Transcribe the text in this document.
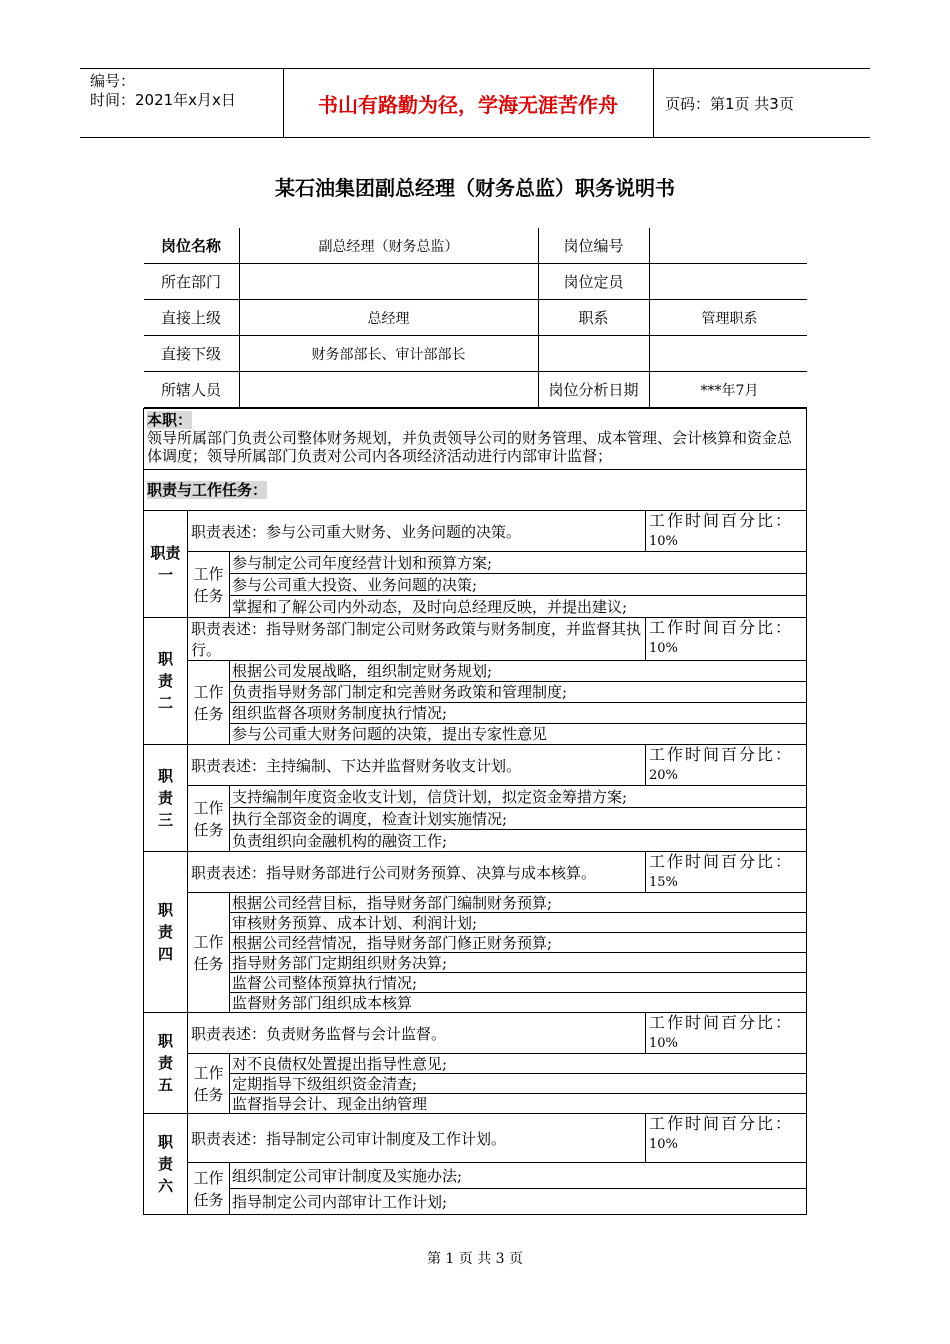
编号：
时间：2021年x月x日	书山有路勤为径，学海无涯苦作舟	页码：第1页 共3页
某石油集团副总经理（财务总监）职务说明书
岗位名称	副总经理（财务总监）	岗位编号	

所在部门		岗位定员	

直接上级	总经理	职系	管理职系

直接下级	财务部部长、审计部部长		

所辖人员		岗位分析日期	***年7月

本职：
领导所属部门负责公司整体财务规划，并负责领导公司的财务管理、成本管理、会计核算和资金总体调度；领导所属部门负责对公司内各项经济活动进行内部审计监督；
职责与工作任务：
职责
一	职责表述：参与公司重大财务、业务问题的决策。	工作时间百分比：
10%
工作
任务	参与制定公司年度经营计划和预算方案;
参与公司重大投资、业务问题的决策;
掌握和了解公司内外动态，及时向总经理反映，并提出建议;
职
责
二	职责表述：指导财务部门制定公司财务政策与财务制度，并监督其执行。	工作时间百分比：
10%
工作
任务	根据公司发展战略，组织制定财务规划;
负责指导财务部门制定和完善财务政策和管理制度;
组织监督各项财务制度执行情况;
参与公司重大财务问题的决策，提出专家性意见
职
责
三	职责表述：主持编制、下达并监督财务收支计划。	工作时间百分比：
20%
工作
任务	支持编制年度资金收支计划，信贷计划，拟定资金筹措方案;
执行全部资金的调度，检查计划实施情况;
负责组织向金融机构的融资工作;
职
责
四	职责表述：指导财务部进行公司财务预算、决算与成本核算。	工作时间百分比：
15%
工作
任务	根据公司经营目标，指导财务部门编制财务预算;
审核财务预算、成本计划、利润计划;
根据公司经营情况，指导财务部门修正财务预算;
指导财务部门定期组织财务决算;
监督公司整体预算执行情况;
监督财务部门组织成本核算
职
责
五	职责表述：负责财务监督与会计监督。	工作时间百分比：
10%
工作
任务	对不良债权处置提出指导性意见;
定期指导下级组织资金清查;
监督指导会计、现金出纳管理
职
责
六	职责表述：指导制定公司审计制度及工作计划。	工作时间百分比：
10%
工作
任务	组织制定公司审计制度及实施办法;
指导制定公司内部审计工作计划;
第 1 页 共 3 页
